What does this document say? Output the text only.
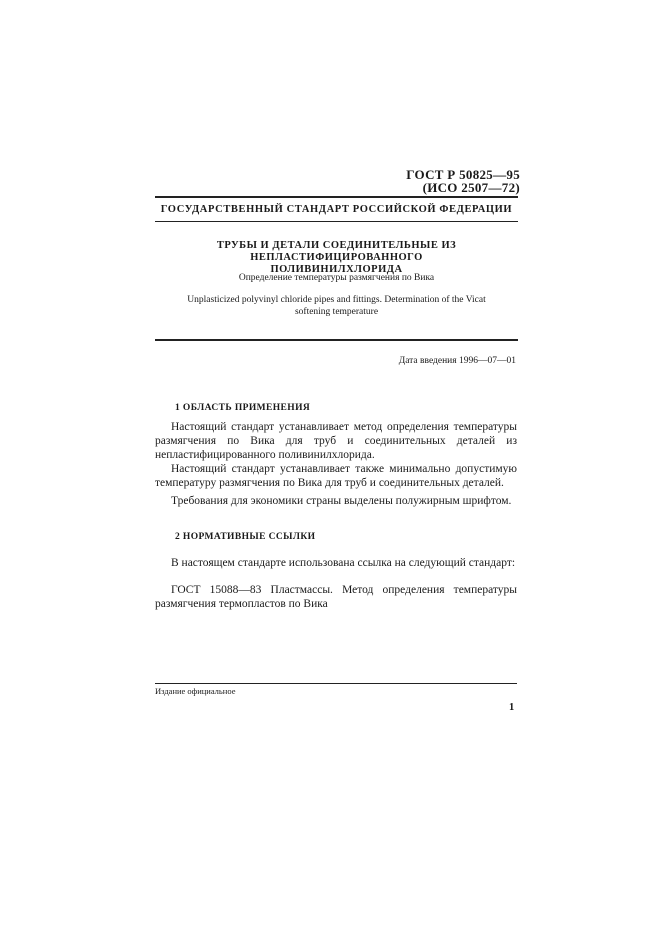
ГОСТ Р 50825—95
(ИСО 2507—72)
ГОСУДАРСТВЕННЫЙ СТАНДАРТ РОССИЙСКОЙ ФЕДЕРАЦИИ
ТРУБЫ И ДЕТАЛИ СОЕДИНИТЕЛЬНЫЕ ИЗ НЕПЛАСТИФИЦИРОВАННОГО
ПОЛИВИНИЛХЛОРИДА
Определение температуры размягчения по Вика
Unplasticized polyvinyl chloride pipes and fittings. Determination of the Vicat
softening temperature
Дата введения 1996—07—01
1 ОБЛАСТЬ ПРИМЕНЕНИЯ
Настоящий стандарт устанавливает метод определения температуры размягчения по Вика для труб и соединительных деталей из непластифицированного поливинилхлорида.
Настоящий стандарт устанавливает также минимально допустимую температуру размягчения по Вика для труб и соединительных деталей.
Требования для экономики страны выделены полужирным шрифтом.
2 НОРМАТИВНЫЕ ССЫЛКИ
В настоящем стандарте использована ссылка на следующий стандарт:
ГОСТ 15088—83 Пластмассы. Метод определения температуры размягчения термопластов по Вика
Издание официальное
1
